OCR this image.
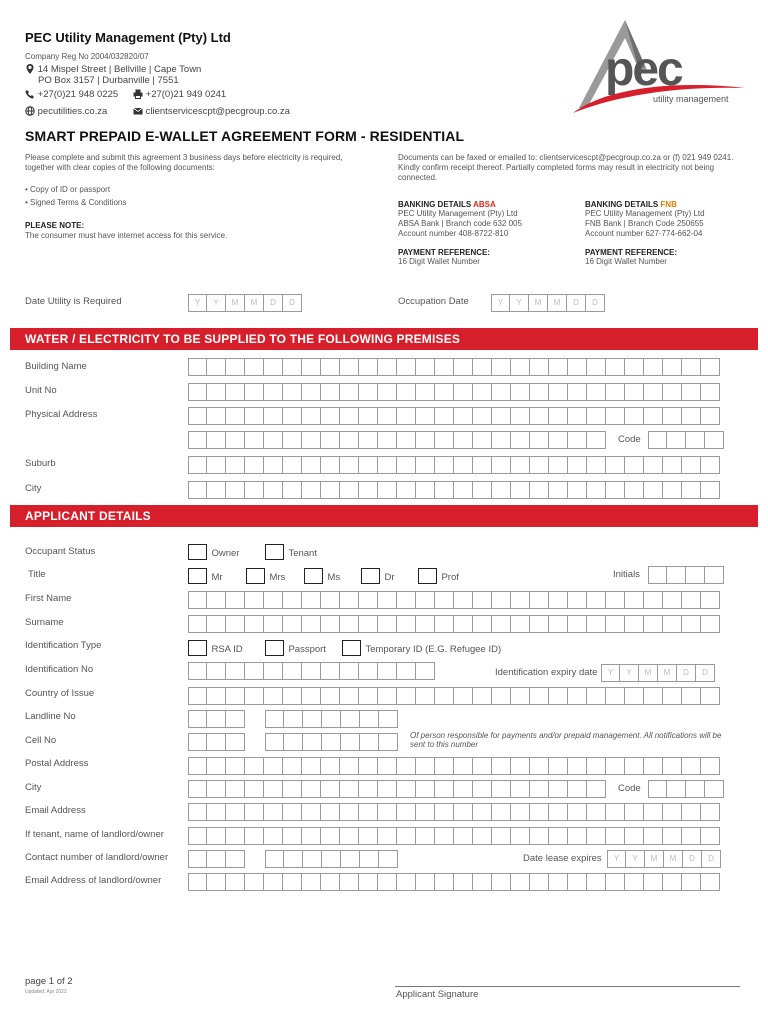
PEC Utility Management (Pty) Ltd
Company Reg No 2004/032820/07
14 Mispel Street | Bellville | Cape Town
PO Box 3157 | Durbanville | 7551
+27(0)21 948 0225	+27(0)21 949 0241
pecutilities.co.za	clientservicescpt@pecgroup.co.za
pec
utility management
SMART PREPAID E-WALLET AGREEMENT FORM - RESIDENTIAL
Please complete and submit this agreement 3 business days before electricity is required, together with clear copies of the following documents:
• Copy of ID or passport
• Signed Terms & Conditions
PLEASE NOTE:
The consumer must have internet access for this service.
Documents can be faxed or emailed to: clientservicescpt@pecgroup.co.za or (f) 021 949 0241. Kindly confirm receipt thereof. Partially completed forms may result in electricity not being connected.
BANKING DETAILS ABSA
PEC Utility Management (Pty) Ltd
ABSA Bank | Branch code 632 005
Account number 408-8722-810
PAYMENT REFERENCE:
16 Digit Wallet Number
BANKING DETAILS FNB
PEC Utility Management (Pty) Ltd
FNB Bank | Branch Code 250655
Account number 627-774-662-04
PAYMENT REFERENCE:
16 Digit Wallet Number
Date Utility is Required	Y	Y	M	M	D	D	Occupation Date	Y	Y	M	M	D	D
WATER / ELECTRICITY TO BE SUPPLIED TO THE FOLLOWING PREMISES
Building Name
Unit No
Physical Address
Code
Suburb
City
APPLICANT DETAILS
Occupant Status	Owner	Tenant
Title	Mr	Mrs	Ms	Dr	Prof	Initials
First Name
Surname
Identification Type	RSA ID	Passport	Temporary ID (E.G. Refugee ID)
Identification No	Identification expiry date	Y	Y	M	M	D	D
Country of Issue
Landline No
Cell No	Of person responsible for payments and/or prepaid management. All notifications will be sent to this number
Postal Address
City	Code
Email Address
If tenant, name of landlord/owner
Contact number of landlord/owner	Date lease expires	Y	Y	M	M	D	D
Email Address of landlord/owner
page 1 of 2
Updated: Apr 2022	Applicant Signature
